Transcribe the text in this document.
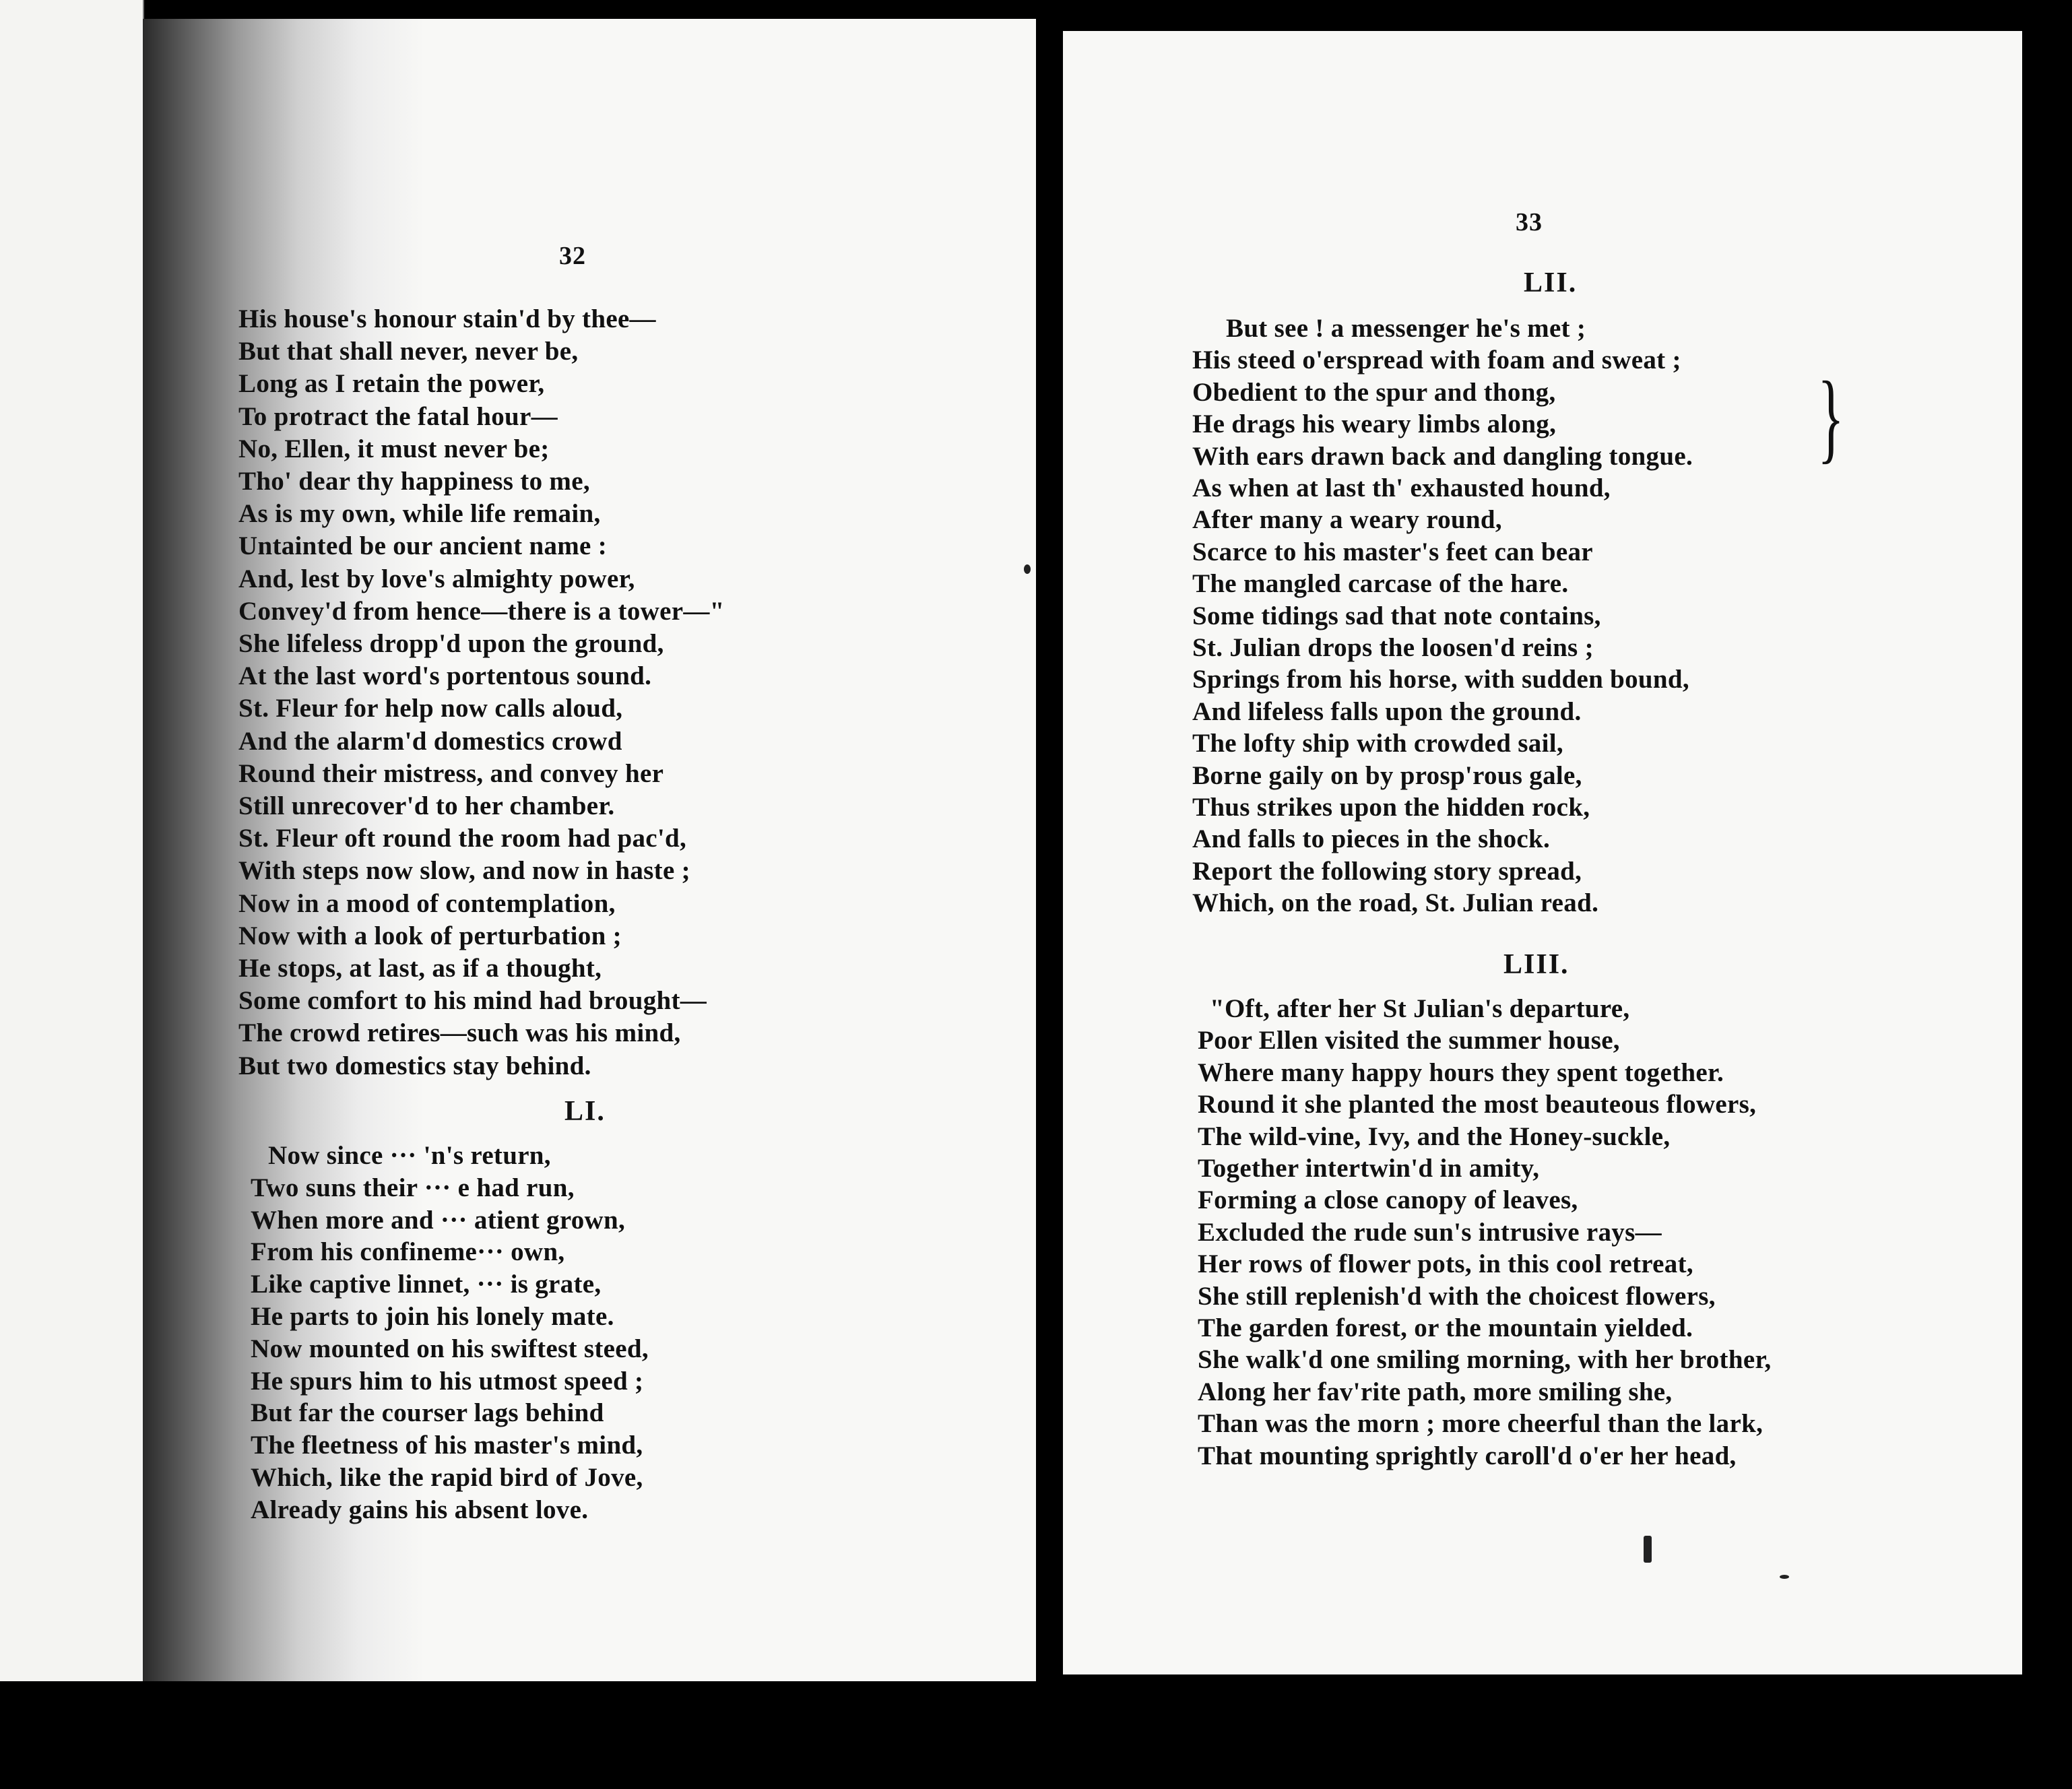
32
His house's honour stain'd by thee—
But that shall never, never be,
Long as I retain the power,
To protract the fatal hour—
No, Ellen, it must never be;
Tho' dear thy happiness to me,
As is my own, while life remain,
Untainted be our ancient name :
And, lest by love's almighty power,
Convey'd from hence—there is a tower—"
She lifeless dropp'd upon the ground,
At the last word's portentous sound.
St. Fleur for help now calls aloud,
And the alarm'd domestics crowd
Round their mistress, and convey her
Still unrecover'd to her chamber.
St. Fleur oft round the room had pac'd,
With steps now slow, and now in haste ;
Now in a mood of contemplation,
Now with a look of perturbation ;
He stops, at last, as if a thought,
Some comfort to his mind had brought—
The crowd retires—such was his mind,
But two domestics stay behind.
LI.
Now since ··· 'n's return,
Two suns their ··· e had run,
When more and ··· atient grown,
From his confineme··· own,
Like captive linnet, ··· is grate,
He parts to join his lonely mate.
Now mounted on his swiftest steed,
He spurs him to his utmost speed ;
But far the courser lags behind
The fleetness of his master's mind,
Which, like the rapid bird of Jove,
Already gains his absent love.
33
LII.
But see ! a messenger he's met ;
His steed o'erspread with foam and sweat ;
Obedient to the spur and thong,
He drags his weary limbs along,
With ears drawn back and dangling tongue.
As when at last th' exhausted hound,
After many a weary round,
Scarce to his master's feet can bear
The mangled carcase of the hare.
Some tidings sad that note contains,
St. Julian drops the loosen'd reins ;
Springs from his horse, with sudden bound,
And lifeless falls upon the ground.
The lofty ship with crowded sail,
Borne gaily on by prosp'rous gale,
Thus strikes upon the hidden rock,
And falls to pieces in the shock.
Report the following story spread,
Which, on the road, St. Julian read.
}
LIII.
"Oft, after her St Julian's departure,
Poor Ellen visited the summer house,
Where many happy hours they spent together.
Round it she planted the most beauteous flowers,
The wild-vine, Ivy, and the Honey-suckle,
Together intertwin'd in amity,
Forming a close canopy of leaves,
Excluded the rude sun's intrusive rays—
Her rows of flower pots, in this cool retreat,
She still replenish'd with the choicest flowers,
The garden forest, or the mountain yielded.
She walk'd one smiling morning, with her brother,
Along her fav'rite path, more smiling she,
Than was the morn ; more cheerful than the lark,
That mounting sprightly caroll'd o'er her head,
